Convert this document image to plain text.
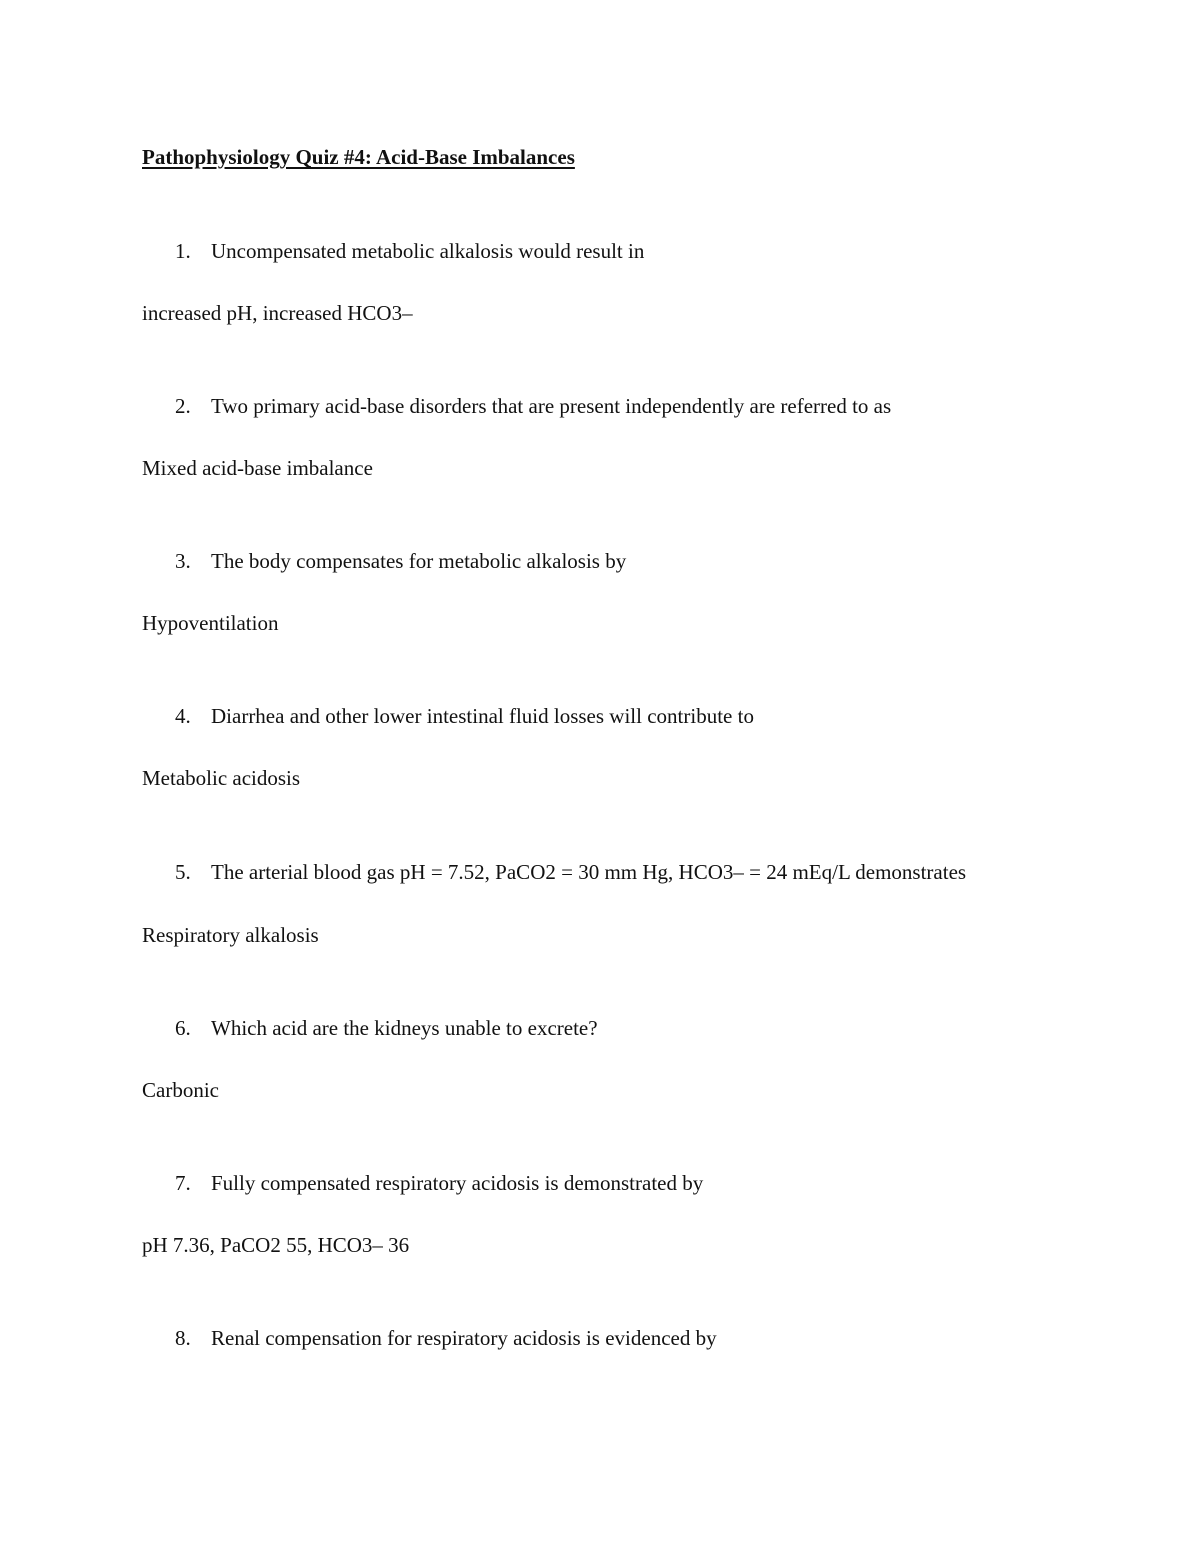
Pathophysiology Quiz #4: Acid-Base Imbalances
1. Uncompensated metabolic alkalosis would result in
increased pH, increased HCO3–
2. Two primary acid-base disorders that are present independently are referred to as
Mixed acid-base imbalance
3. The body compensates for metabolic alkalosis by
Hypoventilation
4. Diarrhea and other lower intestinal fluid losses will contribute to
Metabolic acidosis
5. The arterial blood gas pH = 7.52, PaCO2 = 30 mm Hg, HCO3– = 24 mEq/L demonstrates
Respiratory alkalosis
6. Which acid are the kidneys unable to excrete?
Carbonic
7. Fully compensated respiratory acidosis is demonstrated by
pH 7.36, PaCO2 55, HCO3– 36
8. Renal compensation for respiratory acidosis is evidenced by
